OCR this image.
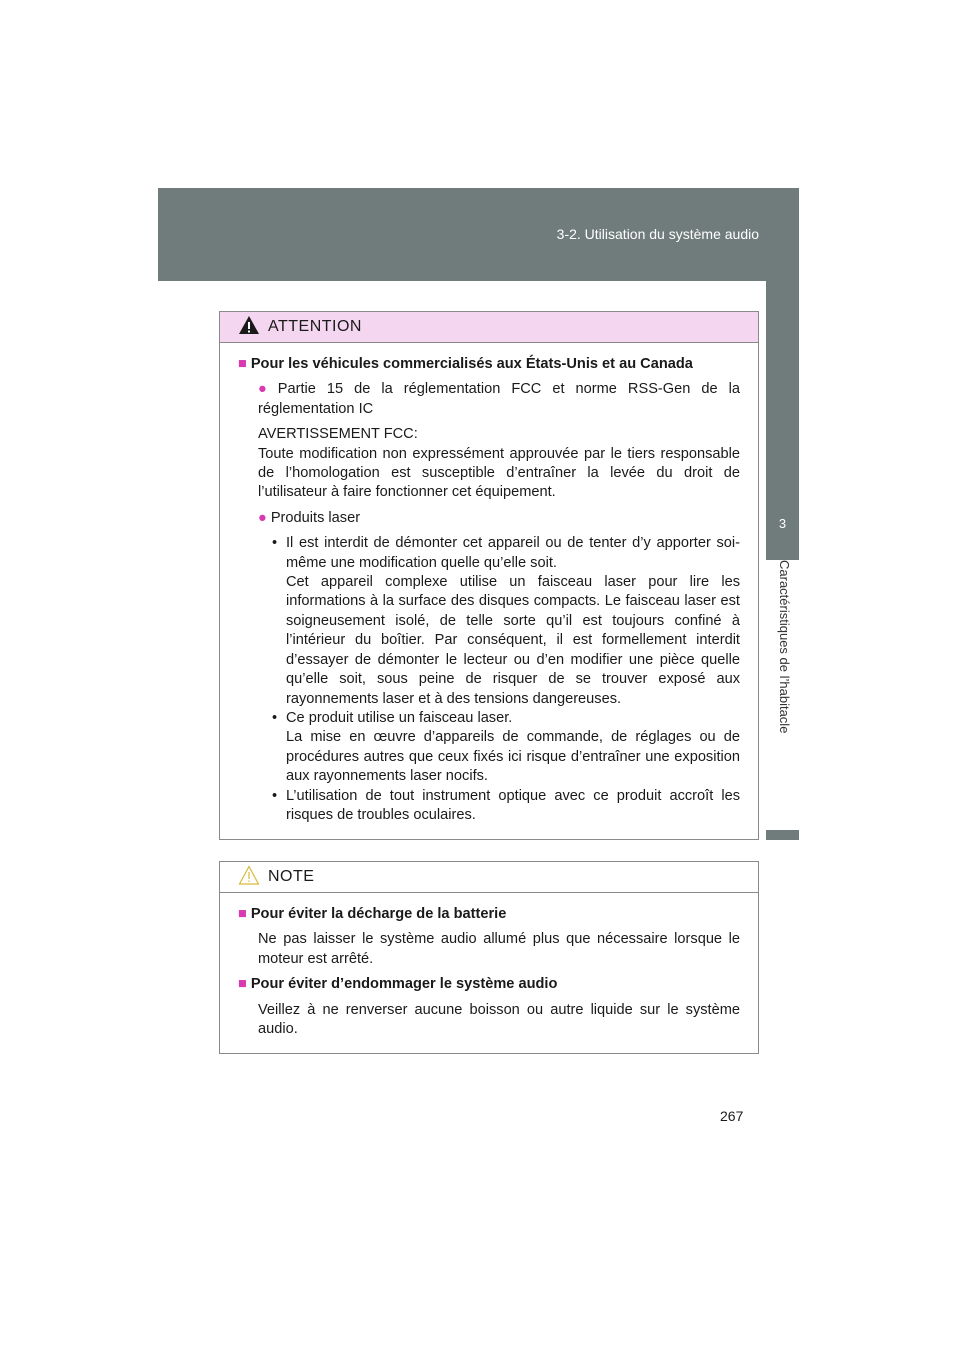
3-2. Utilisation du système audio
3
Caractéristiques de l’habitacle
ATTENTION
■ Pour les véhicules commercialisés aux États-Unis et au Canada
● Partie 15 de la réglementation FCC et norme RSS-Gen de la réglementation IC
AVERTISSEMENT FCC:
Toute modification non expressément approuvée par le tiers responsable de l’homologation est susceptible d’entraîner la levée du droit de l’utilisateur à faire fonctionner cet équipement.
● Produits laser
• Il est interdit de démonter cet appareil ou de tenter d’y apporter soi-même une modification quelle qu’elle soit.
Cet appareil complexe utilise un faisceau laser pour lire les informations à la surface des disques compacts. Le faisceau laser est soigneusement isolé, de telle sorte qu’il est toujours confiné à l’intérieur du boîtier. Par conséquent, il est formellement interdit d’essayer de démonter le lecteur ou d’en modifier une pièce quelle qu’elle soit, sous peine de risquer de se trouver exposé aux rayonnements laser et à des tensions dangereuses.
• Ce produit utilise un faisceau laser.
La mise en œuvre d’appareils de commande, de réglages ou de procédures autres que ceux fixés ici risque d’entraîner une exposition aux rayonnements laser nocifs.
• L’utilisation de tout instrument optique avec ce produit accroît les risques de troubles oculaires.
NOTE
■ Pour éviter la décharge de la batterie
Ne pas laisser le système audio allumé plus que nécessaire lorsque le moteur est arrêté.
■ Pour éviter d’endommager le système audio
Veillez à ne renverser aucune boisson ou autre liquide sur le système audio.
267
